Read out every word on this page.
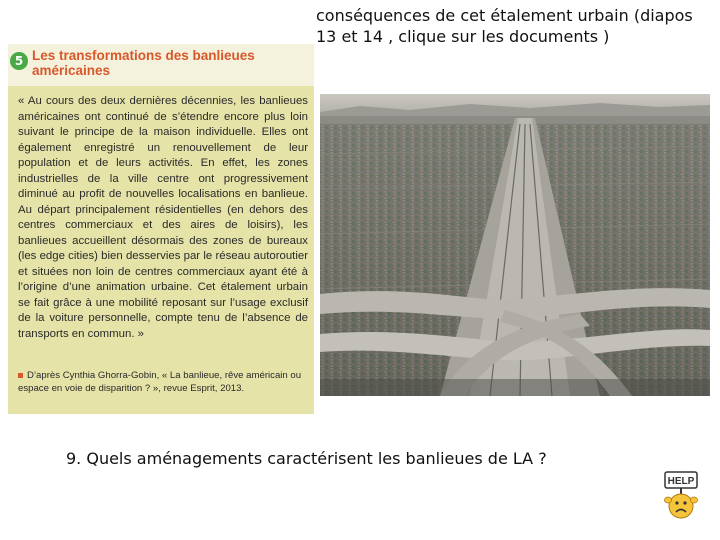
conséquences de cet étalement urbain (diapos 13 et 14 , clique sur les documents )
5 Les transformations des banlieues américaines
« Au cours des deux dernières décennies, les banlieues américaines ont continué de s’étendre encore plus loin suivant le principe de la maison individuelle. Elles ont également enregistré un renouvellement de leur population et de leurs activités. En effet, les zones industrielles de la ville centre ont progressivement diminué au profit de nouvelles localisations en banlieue. Au départ principalement résidentielles (en dehors des centres commerciaux et des aires de loisirs), les banlieues accueillent désormais des zones de bureaux (les edge cities) bien desservies par le réseau autoroutier et situées non loin de centres commerciaux ayant été à l’origine d’une animation urbaine. Cet étalement urbain se fait grâce à une mobilité reposant sur l’usage exclusif de la voiture personnelle, compte tenu de l’absence de transports en commun. »
D’après Cynthia Ghorra-Gobin, « La banlieue, rêve américain ou espace en voie de disparition ? », revue Esprit, 2013.
9. Quels aménagements caractérisent les banlieues de LA ?
HELP
